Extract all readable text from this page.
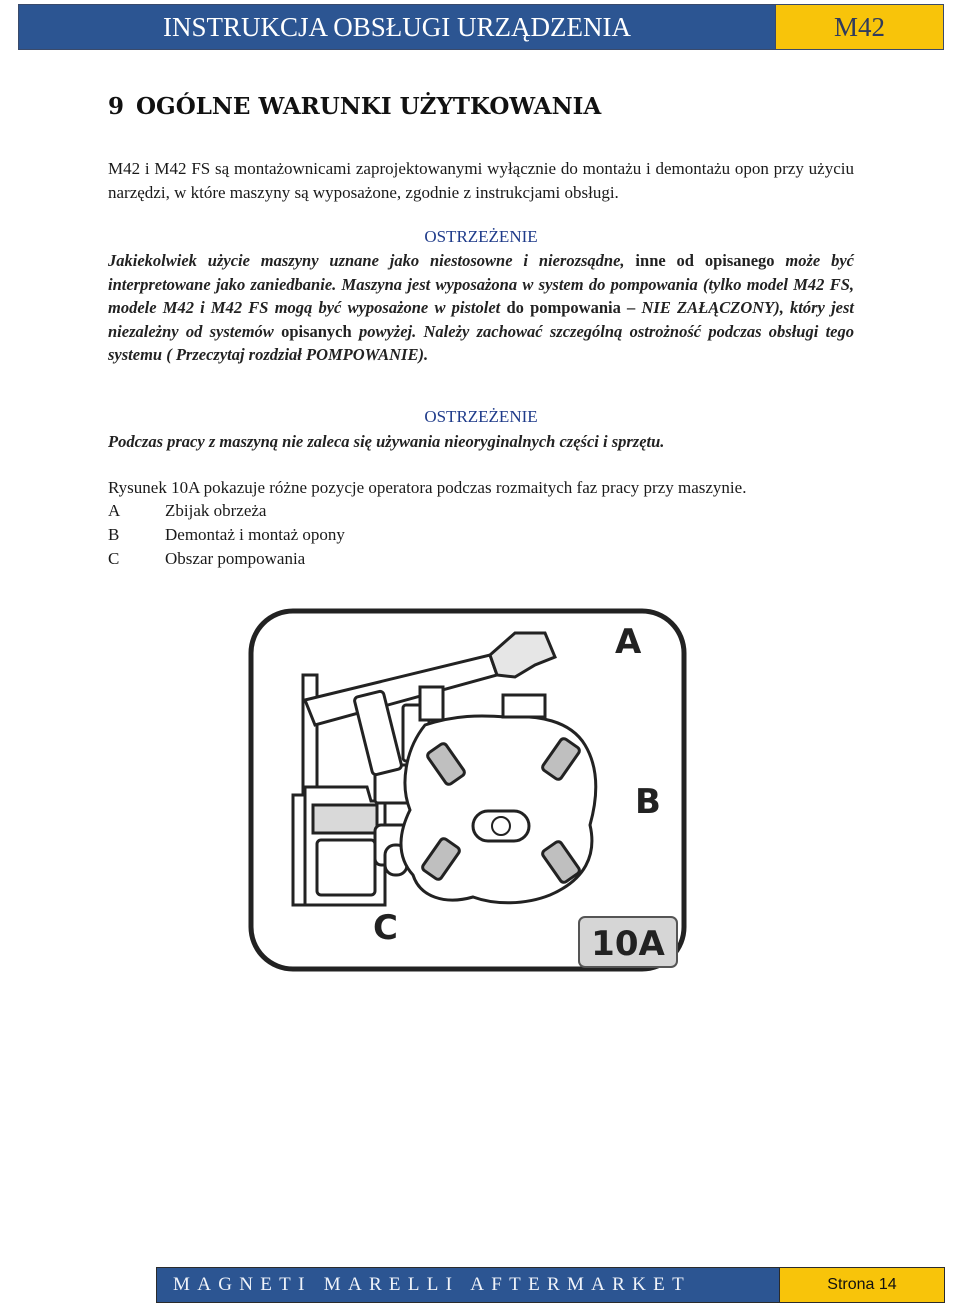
INSTRUKCJA OBSŁUGI URZĄDZENIA	M42
9 OGÓLNE WARUNKI UŻYTKOWANIA

M42 i M42 FS są montażownicami zaprojektowanymi wyłącznie do montażu i demontażu opon przy użyciu narzędzi, w które maszyny są wyposażone, zgodnie z instrukcjami obsługi.

OSTRZEŻENIE

Jakiekolwiek użycie maszyny uznane jako niestosowne i nierozsądne, inne od opisanego może być interpretowane jako zaniedbanie. Maszyna jest wyposażona w system do pompowania (tylko model M42 FS, modele M42 i M42 FS mogą być wyposażone w pistolet do pompowania – NIE ZAŁĄCZONY), który jest niezależny od systemów opisanych powyżej. Należy zachować szczególną ostrożność podczas obsługi tego systemu ( Przeczytaj rozdział POMPOWANIE).

OSTRZEŻENIE

Podczas pracy z maszyną nie zaleca się używania nieoryginalnych części i sprzętu.

Rysunek 10A pokazuje różne pozycje operatora podczas rozmaitych faz pracy przy maszynie.

A	Zbijak obrzeża
B	Demontaż i montaż opony
C	Obszar pompowania
A
B
C	10A
MAGNETI MARELLI AFTERMARKET	Strona 14
